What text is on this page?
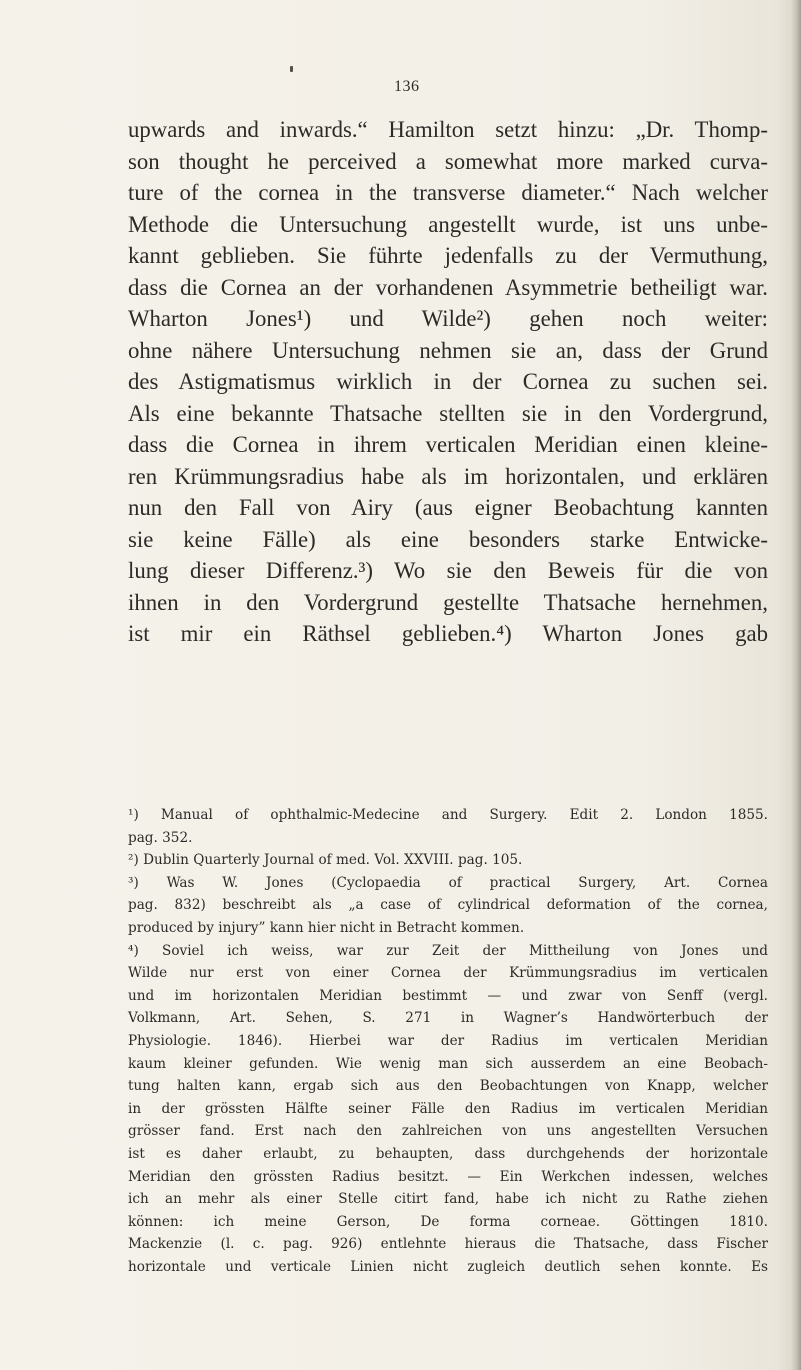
136
upwards and inwards.“ Hamilton setzt hinzu: „Dr. Thomp-
son thought he perceived a somewhat more marked curva-
ture of the cornea in the transverse diameter.“ Nach welcher
Methode die Untersuchung angestellt wurde, ist uns unbe-
kannt geblieben. Sie führte jedenfalls zu der Vermuthung,
dass die Cornea an der vorhandenen Asymmetrie betheiligt war.
Wharton Jones¹) und Wilde²) gehen noch weiter:
ohne nähere Untersuchung nehmen sie an, dass der Grund
des Astigmatismus wirklich in der Cornea zu suchen sei.
Als eine bekannte Thatsache stellten sie in den Vordergrund,
dass die Cornea in ihrem verticalen Meridian einen kleine-
ren Krümmungsradius habe als im horizontalen, und erklären
nun den Fall von Airy (aus eigner Beobachtung kannten
sie keine Fälle) als eine besonders starke Entwicke-
lung dieser Differenz.³) Wo sie den Beweis für die von
ihnen in den Vordergrund gestellte Thatsache hernehmen,
ist mir ein Räthsel geblieben.⁴) Wharton Jones gab
¹) Manual of ophthalmic-Medecine and Surgery. Edit 2. London 1855.
pag. 352.
²) Dublin Quarterly Journal of med. Vol. XXVIII. pag. 105.
³) Was W. Jones (Cyclopaedia of practical Surgery, Art. Cornea
pag. 832) beschreibt als „a case of cylindrical deformation of the cornea,
produced by injury” kann hier nicht in Betracht kommen.
⁴) Soviel ich weiss, war zur Zeit der Mittheilung von Jones und
Wilde nur erst von einer Cornea der Krümmungsradius im verticalen
und im horizontalen Meridian bestimmt — und zwar von Senff (vergl.
Volkmann, Art. Sehen, S. 271 in Wagner’s Handwörterbuch der
Physiologie. 1846). Hierbei war der Radius im verticalen Meridian
kaum kleiner gefunden. Wie wenig man sich ausserdem an eine Beobach-
tung halten kann, ergab sich aus den Beobachtungen von Knapp, welcher
in der grössten Hälfte seiner Fälle den Radius im verticalen Meridian
grösser fand. Erst nach den zahlreichen von uns angestellten Versuchen
ist es daher erlaubt, zu behaupten, dass durchgehends der horizontale
Meridian den grössten Radius besitzt. — Ein Werkchen indessen, welches
ich an mehr als einer Stelle citirt fand, habe ich nicht zu Rathe ziehen
können: ich meine Gerson, De forma corneae. Göttingen 1810.
Mackenzie (l. c. pag. 926) entlehnte hieraus die Thatsache, dass Fischer
horizontale und verticale Linien nicht zugleich deutlich sehen konnte. Es
